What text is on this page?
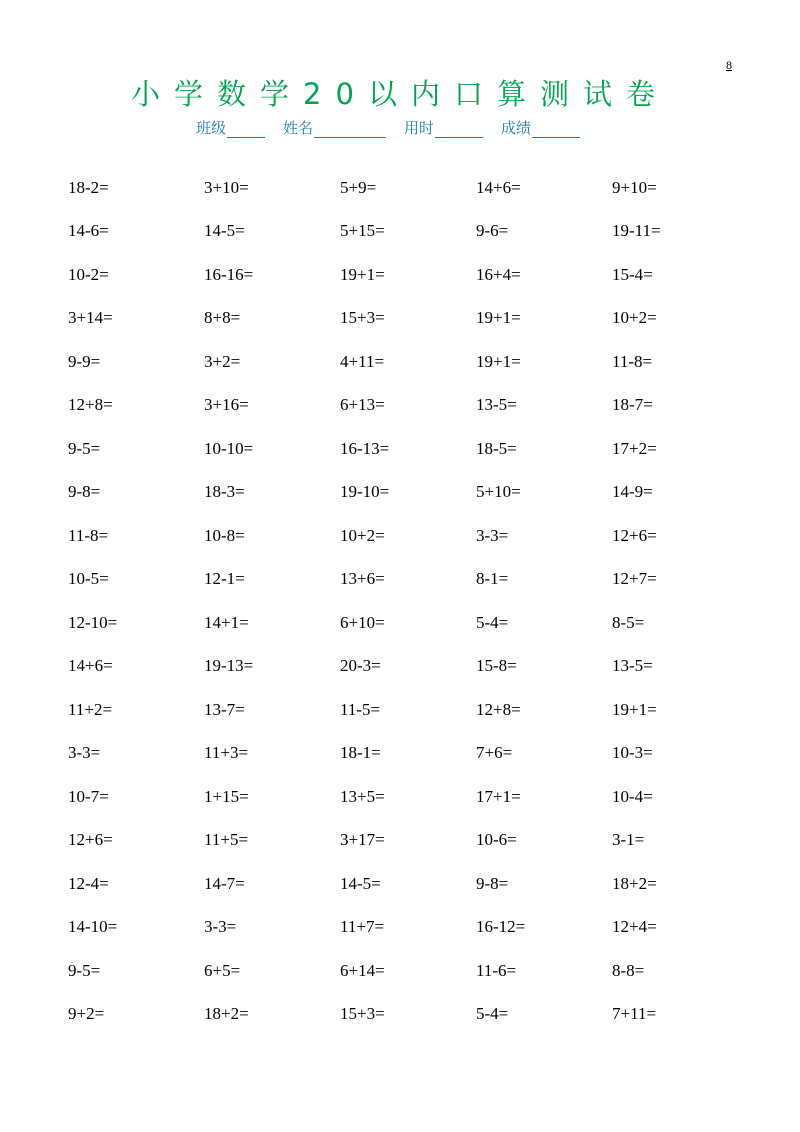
8
小学数学20以内口算测试卷
班级	姓名	用时	成绩
18-2=	3+10=	5+9=	14+6=	9+10=
14-6=	14-5=	5+15=	9-6=	19-11=
10-2=	16-16=	19+1=	16+4=	15-4=
3+14=	8+8=	15+3=	19+1=	10+2=
9-9=	3+2=	4+11=	19+1=	11-8=
12+8=	3+16=	6+13=	13-5=	18-7=
9-5=	10-10=	16-13=	18-5=	17+2=
9-8=	18-3=	19-10=	5+10=	14-9=
11-8=	10-8=	10+2=	3-3=	12+6=
10-5=	12-1=	13+6=	8-1=	12+7=
12-10=	14+1=	6+10=	5-4=	8-5=
14+6=	19-13=	20-3=	15-8=	13-5=
11+2=	13-7=	11-5=	12+8=	19+1=
3-3=	11+3=	18-1=	7+6=	10-3=
10-7=	1+15=	13+5=	17+1=	10-4=
12+6=	11+5=	3+17=	10-6=	3-1=
12-4=	14-7=	14-5=	9-8=	18+2=
14-10=	3-3=	11+7=	16-12=	12+4=
9-5=	6+5=	6+14=	11-6=	8-8=
9+2=	18+2=	15+3=	5-4=	7+11=
